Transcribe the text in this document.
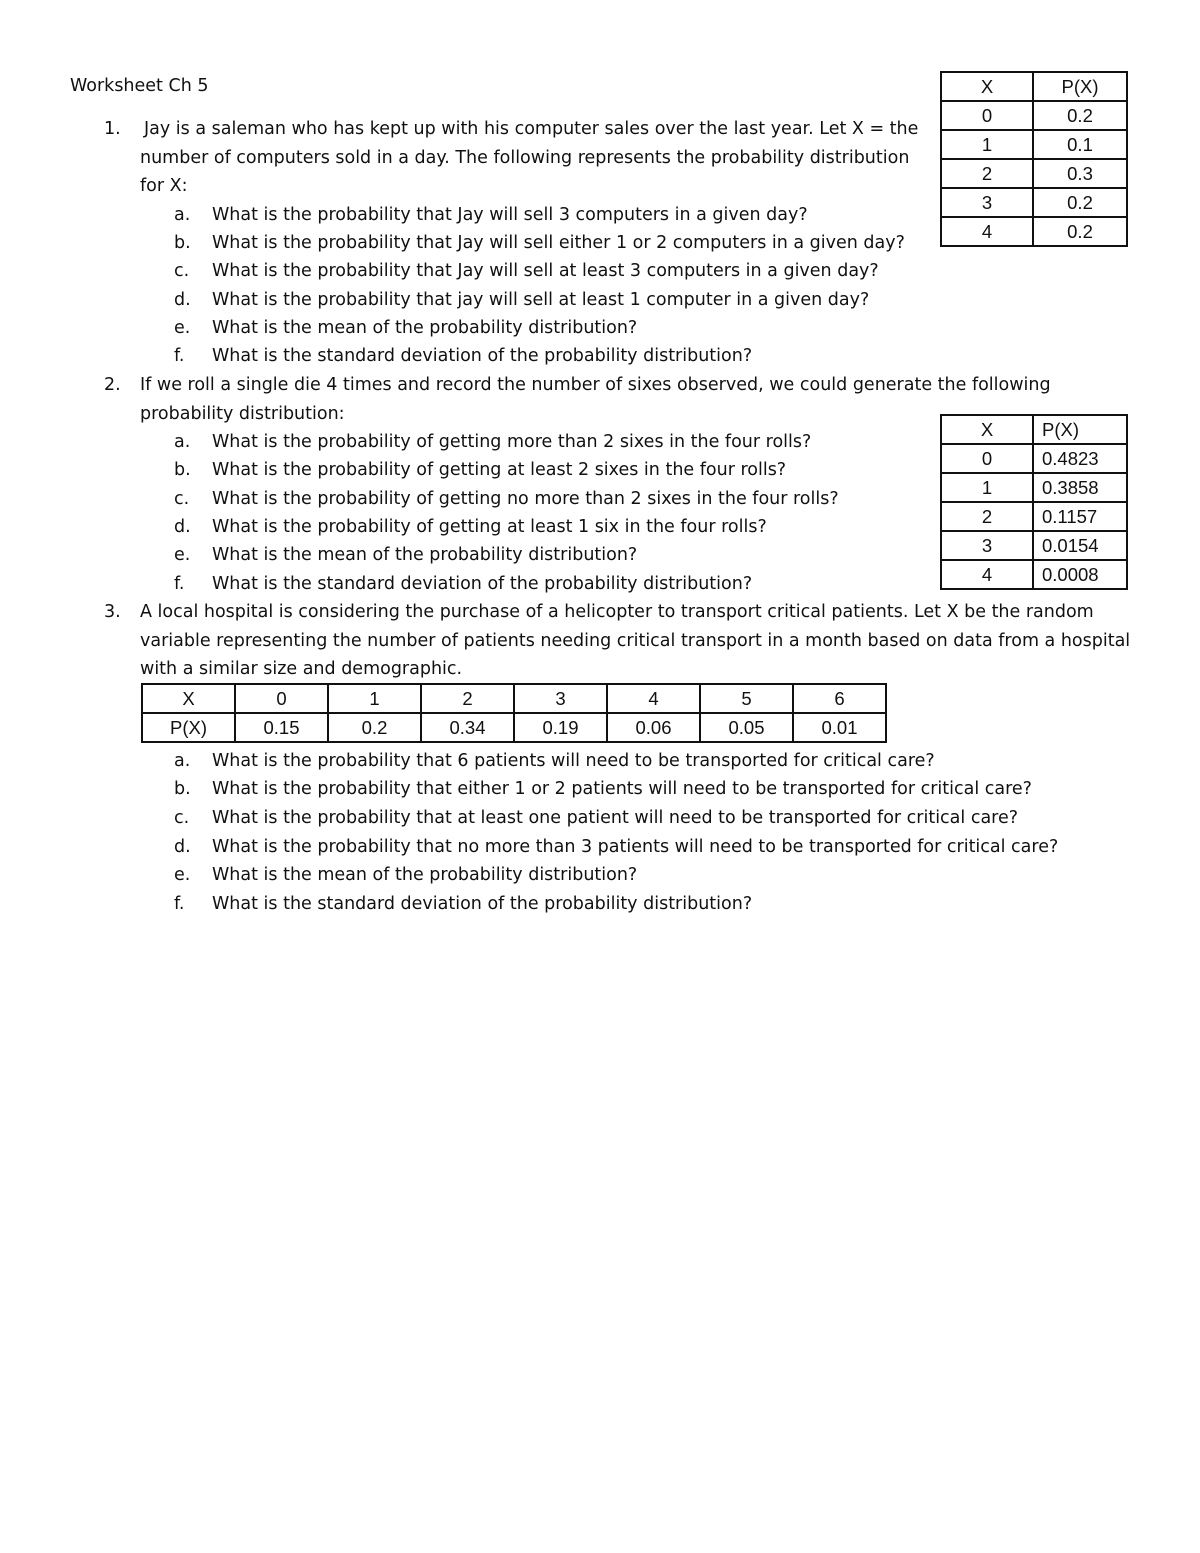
Worksheet Ch 5
1. Jay is a saleman who has kept up with his computer sales over the last year. Let X = the
number of computers sold in a day. The following represents the probability distribution
for X:
a. What is the probability that Jay will sell 3 computers in a given day?
b. What is the probability that Jay will sell either 1 or 2 computers in a given day?
c. What is the probability that Jay will sell at least 3 computers in a given day?
d. What is the probability that jay will sell at least 1 computer in a given day?
e. What is the mean of the probability distribution?
f. What is the standard deviation of the probability distribution?
X	P(X)
0	0.2
1	0.1
2	0.3
3	0.2
4	0.2
2. If we roll a single die 4 times and record the number of sixes observed, we could generate the following
probability distribution:
a. What is the probability of getting more than 2 sixes in the four rolls?
b. What is the probability of getting at least 2 sixes in the four rolls?
c. What is the probability of getting no more than 2 sixes in the four rolls?
d. What is the probability of getting at least 1 six in the four rolls?
e. What is the mean of the probability distribution?
f. What is the standard deviation of the probability distribution?
X	P(X)
0	0.4823
1	0.3858
2	0.1157
3	0.0154
4	0.0008
3. A local hospital is considering the purchase of a helicopter to transport critical patients. Let X be the random
variable representing the number of patients needing critical transport in a month based on data from a hospital
with a similar size and demographic.
X	0	1	2	3	4	5	6
P(X)	0.15	0.2	0.34	0.19	0.06	0.05	0.01
a. What is the probability that 6 patients will need to be transported for critical care?
b. What is the probability that either 1 or 2 patients will need to be transported for critical care?
c. What is the probability that at least one patient will need to be transported for critical care?
d. What is the probability that no more than 3 patients will need to be transported for critical care?
e. What is the mean of the probability distribution?
f. What is the standard deviation of the probability distribution?
